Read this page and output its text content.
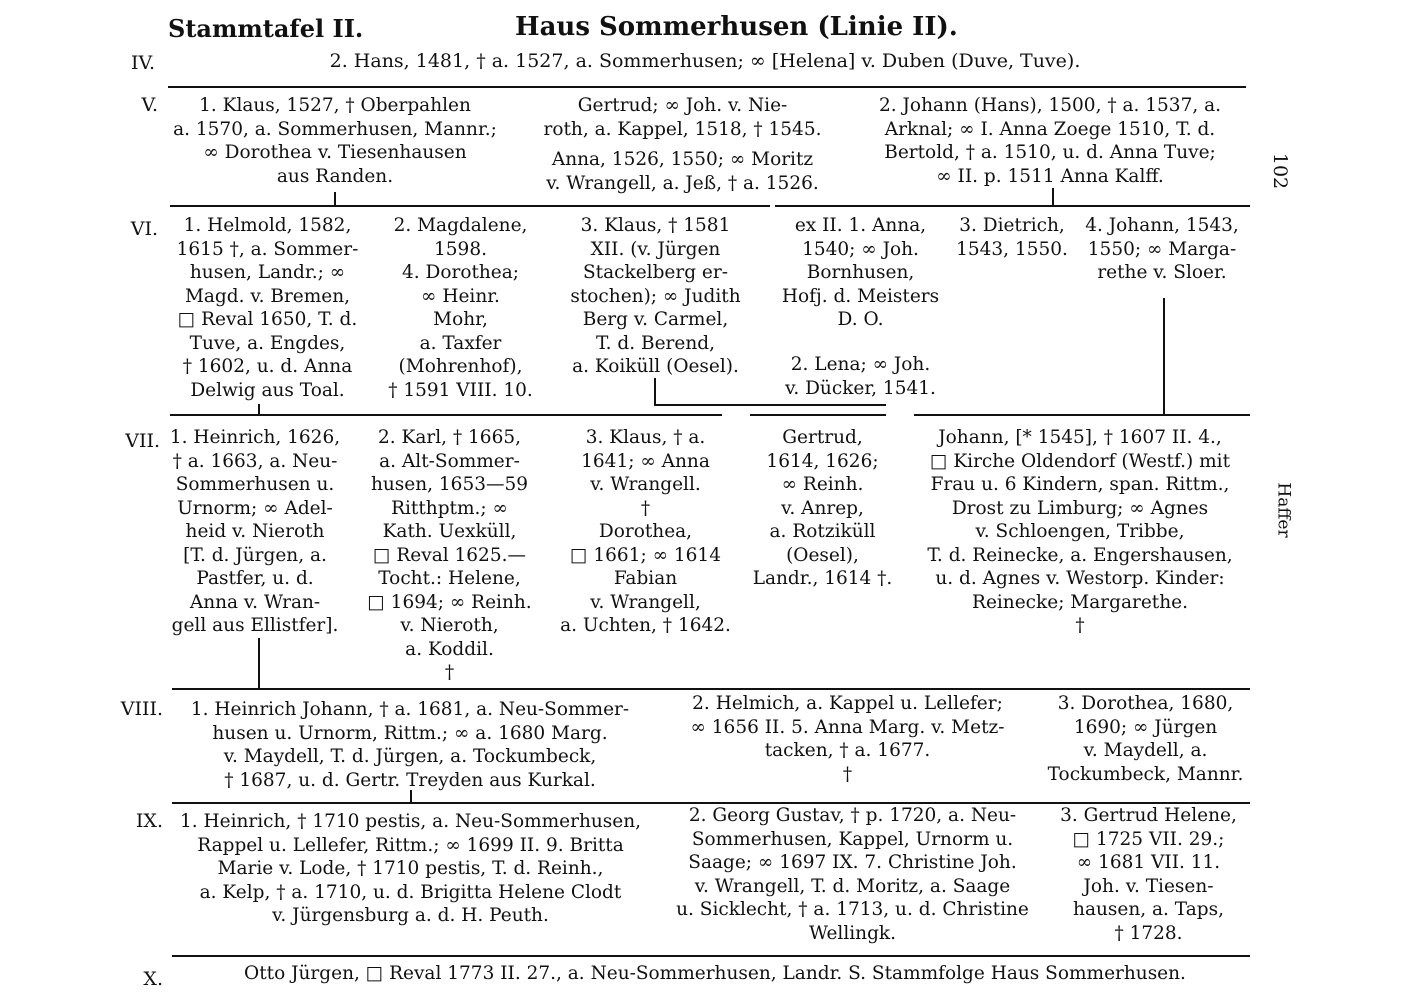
Stammtafel II.	Haus Sommerhusen (Linie II).
102
Haffer
IV.
V.
VI.
VII.
VIII.
IX.
X.
2. Hans, 1481, † a. 1527, a. Sommerhusen; ∞ [Helena] v. Duben (Duve, Tuve).
1. Klaus, 1527, † Oberpahlen
a. 1570, a. Sommerhusen, Mannr.;
∞ Dorothea v. Tiesenhausen
aus Randen.
Gertrud; ∞ Joh. v. Nie-
roth, a. Kappel, 1518, † 1545.
Anna, 1526, 1550; ∞ Moritz
v. Wrangell, a. Jeß, † a. 1526.
2. Johann (Hans), 1500, † a. 1537, a.
Arknal; ∞ I. Anna Zoege 1510, T. d.
Bertold, † a. 1510, u. d. Anna Tuve;
∞ II. p. 1511 Anna Kalff.
1. Helmold, 1582,
1615 †, a. Sommer-
husen, Landr.; ∞
Magd. v. Bremen,
□ Reval 1650, T. d.
Tuve, a. Engdes,
† 1602, u. d. Anna
Delwig aus Toal.
2. Magdalene,
1598.
4. Dorothea;
∞ Heinr.
Mohr,
a. Taxfer
(Mohrenhof),
† 1591 VIII. 10.
3. Klaus, † 1581
XII. (v. Jürgen
Stackelberg er-
stochen); ∞ Judith
Berg v. Carmel,
T. d. Berend,
a. Koiküll (Oesel).
ex II. 1. Anna,
1540; ∞ Joh.
Bornhusen,
Hofj. d. Meisters
D. O.
2. Lena; ∞ Joh.
v. Dücker, 1541.
3. Dietrich,
1543, 1550.
4. Johann, 1543,
1550; ∞ Marga-
rethe v. Sloer.
1. Heinrich, 1626,
† a. 1663, a. Neu-
Sommerhusen u.
Urnorm; ∞ Adel-
heid v. Nieroth
[T. d. Jürgen, a.
Pastfer, u. d.
Anna v. Wran-
gell aus Ellistfer].
2. Karl, † 1665,
a. Alt-Sommer-
husen, 1653—59
Ritthptm.; ∞
Kath. Uexküll,
□ Reval 1625.—
Tocht.: Helene,
□ 1694; ∞ Reinh.
v. Nieroth,
a. Koddil.
†
3. Klaus, † a.
1641; ∞ Anna
v. Wrangell.
†
Dorothea,
□ 1661; ∞ 1614
Fabian
v. Wrangell,
a. Uchten, † 1642.
Gertrud,
1614, 1626;
∞ Reinh.
v. Anrep,
a. Rotziküll
(Oesel),
Landr., 1614 †.
Johann, [* 1545], † 1607 II. 4.,
□ Kirche Oldendorf (Westf.) mit
Frau u. 6 Kindern, span. Rittm.,
Drost zu Limburg; ∞ Agnes
v. Schloengen, Tribbe,
T. d. Reinecke, a. Engershausen,
u. d. Agnes v. Westorp. Kinder:
Reinecke; Margarethe.
†
1. Heinrich Johann, † a. 1681, a. Neu-Sommer-
husen u. Urnorm, Rittm.; ∞ a. 1680 Marg.
v. Maydell, T. d. Jürgen, a. Tockumbeck,
† 1687, u. d. Gertr. Treyden aus Kurkal.
2. Helmich, a. Kappel u. Lellefer;
∞ 1656 II. 5. Anna Marg. v. Metz-
tacken, † a. 1677.
†
3. Dorothea, 1680,
1690; ∞ Jürgen
v. Maydell, a.
Tockumbeck, Mannr.
1. Heinrich, † 1710 pestis, a. Neu-Sommerhusen,
Rappel u. Lellefer, Rittm.; ∞ 1699 II. 9. Britta
Marie v. Lode, † 1710 pestis, T. d. Reinh.,
a. Kelp, † a. 1710, u. d. Brigitta Helene Clodt
v. Jürgensburg a. d. H. Peuth.
2. Georg Gustav, † p. 1720, a. Neu-
Sommerhusen, Kappel, Urnorm u.
Saage; ∞ 1697 IX. 7. Christine Joh.
v. Wrangell, T. d. Moritz, a. Saage
u. Sicklecht, † a. 1713, u. d. Christine
Wellingk.
3. Gertrud Helene,
□ 1725 VII. 29.;
∞ 1681 VII. 11.
Joh. v. Tiesen-
hausen, a. Taps,
† 1728.
Otto Jürgen, □ Reval 1773 II. 27., a. Neu-Sommerhusen, Landr. S. Stammfolge Haus Sommerhusen.
